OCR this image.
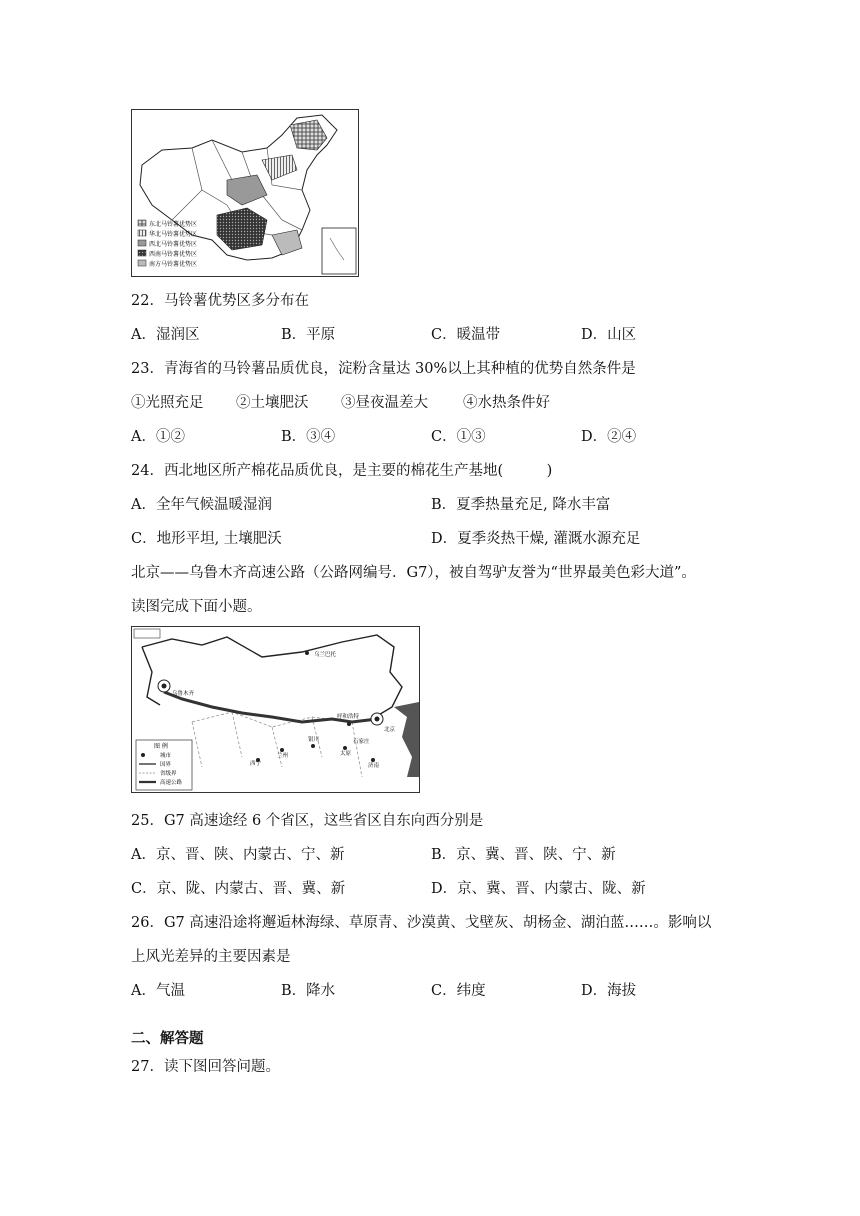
东北马铃薯优势区
华北马铃薯优势区
西北马铃薯优势区
西南马铃薯优势区
南方马铃薯优势区
22．马铃薯优势区多分布在
A．湿润区	B．平原	C．暖温带	D．山区
23．青海省的马铃薯品质优良，淀粉含量达 30%以上其种植的优势自然条件是
①光照充足 ②土壤肥沃 ③昼夜温差大 ④水热条件好
A．①②	B．③④	C．①③	D．②④
24．西北地区所产棉花品质优良，是主要的棉花生产基地(　　　)
A．全年气候温暖湿润	B．夏季热量充足, 降水丰富
C．地形平坦, 土壤肥沃	D．夏季炎热干燥, 灌溉水源充足
北京——乌鲁木齐高速公路（公路网编号．G7），被自驾驴友誉为“世界最美色彩大道”。
读图完成下面小题。
乌兰巴托
乌鲁木齐
呼和浩特
北京
西宁
兰州
银川
太原
石家庄
济南
图 例
城市
国界
省级界
高速公路
25．G7 高速途经 6 个省区，这些省区自东向西分别是
A．京、晋、陕、内蒙古、宁、新	B．京、冀、晋、陕、宁、新
C．京、陇、内蒙古、晋、冀、新	D．京、冀、晋、内蒙古、陇、新
26．G7 高速沿途将邂逅林海绿、草原青、沙漠黄、戈壁灰、胡杨金、湖泊蓝……。影响以
上风光差异的主要因素是
A．气温	B．降水	C．纬度	D．海拔
二、解答题
27．读下图回答问题。
